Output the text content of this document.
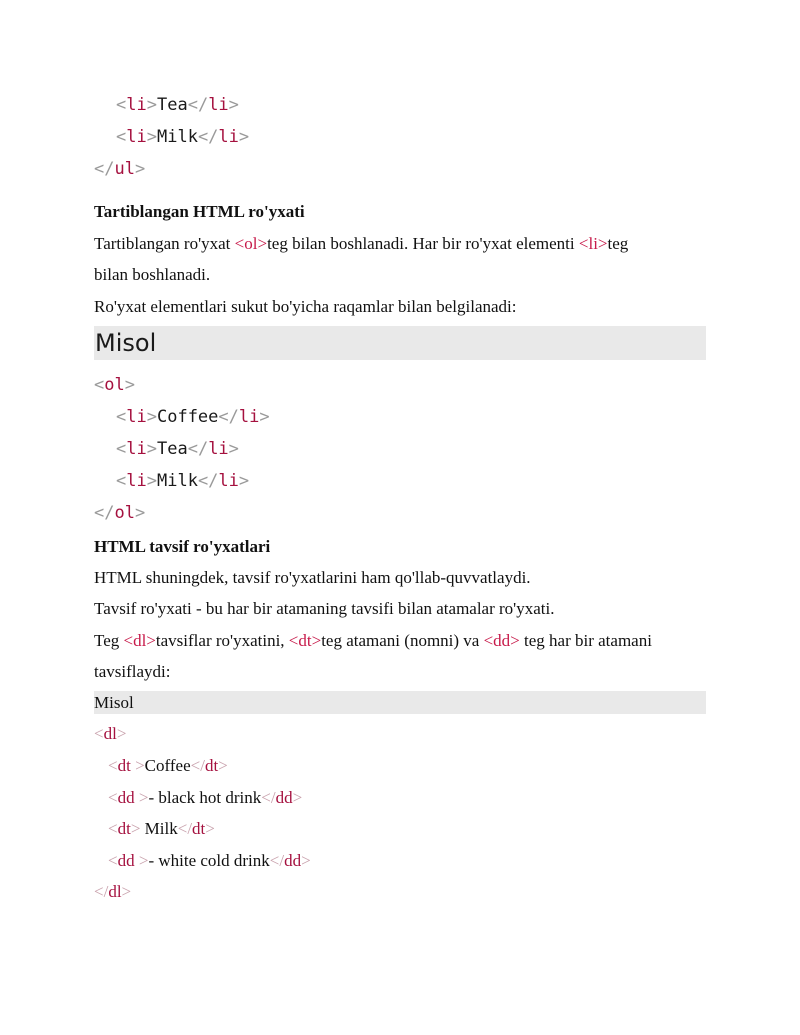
<li>Tea</li>
<li>Milk</li>
</ul>
Tartiblangan HTML ro'yxati
Tartiblangan ro'yxat <ol>teg bilan boshlanadi. Har bir ro'yxat elementi <li>teg
bilan boshlanadi.
Ro'yxat elementlari sukut bo'yicha raqamlar bilan belgilanadi:
Misol
<ol>
<li>Coffee</li>
<li>Tea</li>
<li>Milk</li>
</ol>
HTML tavsif ro'yxatlari
HTML shuningdek, tavsif ro'yxatlarini ham qo'llab-quvvatlaydi.
Tavsif ro'yxati - bu har bir atamaning tavsifi bilan atamalar ro'yxati.
Teg <dl>tavsiflar ro'yxatini, <dt>teg atamani (nomni) va <dd> teg har bir atamani
tavsiflaydi:
Misol
<dl>
<dt >Coffee</dt>
<dd >- black hot drink</dd>
<dt> Milk</dt>
<dd >- white cold drink</dd>
</dl>
